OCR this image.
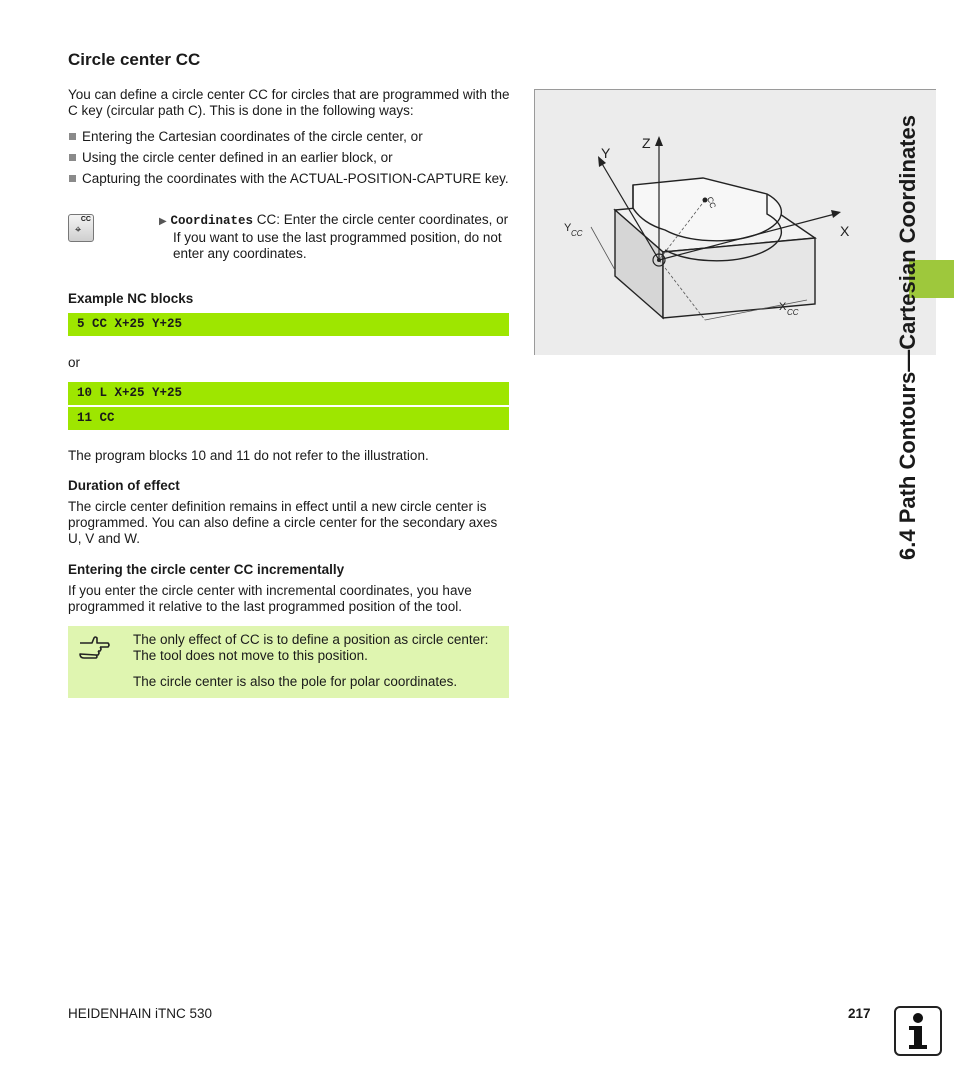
Circle center CC

You can define a circle center CC for circles that are programmed with the C key (circular path C). This is done in the following ways:

Entering the Cartesian coordinates of the circle center, or
Using the circle center defined in an earlier block, or
Capturing the coordinates with the ACTUAL-POSITION-CAPTURE key.
CC
⌖
▶ Coordinates CC: Enter the circle center coordinates, or
If you want to use the last programmed position, do not enter any coordinates.
Example NC blocks
5 CC X+25 Y+25
or
10 L X+25 Y+25
11 CC

The program blocks 10 and 11 do not refer to the illustration.

Duration of effect

The circle center definition remains in effect until a new circle center is programmed. You can also define a circle center for the secondary axes U, V and W.

Entering the circle center CC incrementally

If you enter the circle center with incremental coordinates, you have programmed it relative to the last programmed position of the tool.

The only effect of CC is to define a position as circle center: The tool does not move to this position.
The circle center is also the pole for polar coordinates.
Z
Y
X
CC
Y CC
X CC	6.4 Path Contours—Cartesian Coordinates
HEIDENHAIN iTNC 530	217
